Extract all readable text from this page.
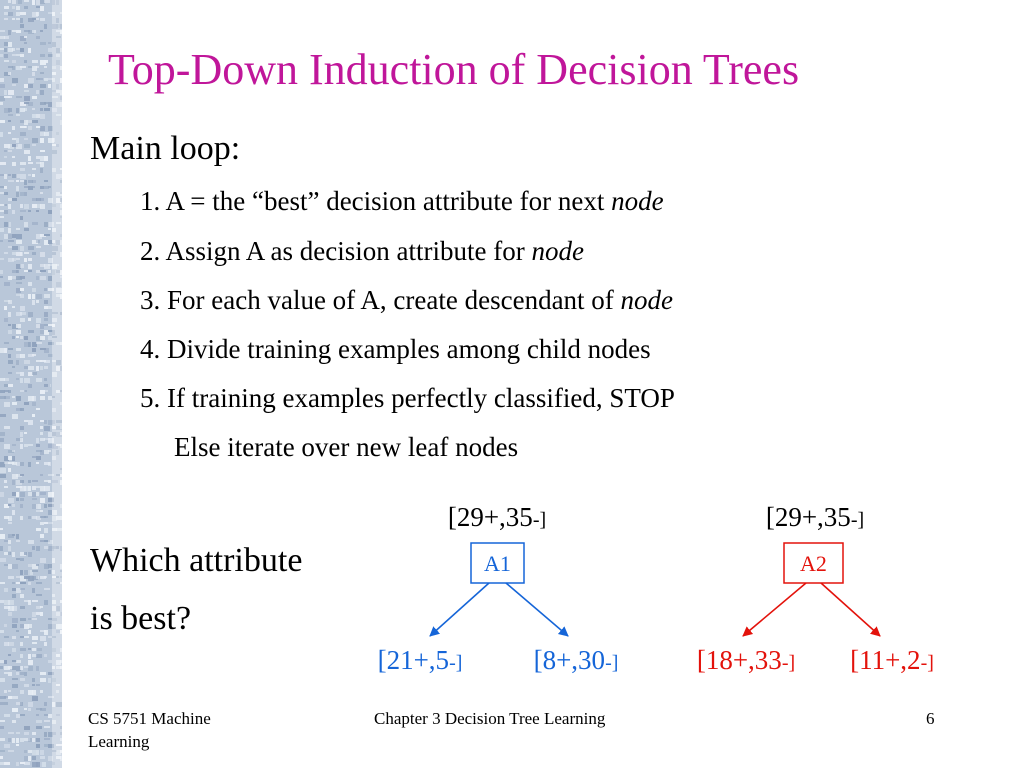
Top-Down Induction of Decision Trees
Main loop:
1. A = the “best” decision attribute for next node
2. Assign A as decision attribute for node
3. For each value of A, create descendant of node
4. Divide training examples among child nodes
5. If training examples perfectly classified, STOP
Else iterate over new leaf nodes
Which attribute
is best?
[29+,35-]
A1
[21+,5-]	[8+,30-]
[29+,35-]
A2
[18+,33-] [11+,2-]
CS 5751 Machine
Learning
Chapter 3 Decision Tree Learning	6
